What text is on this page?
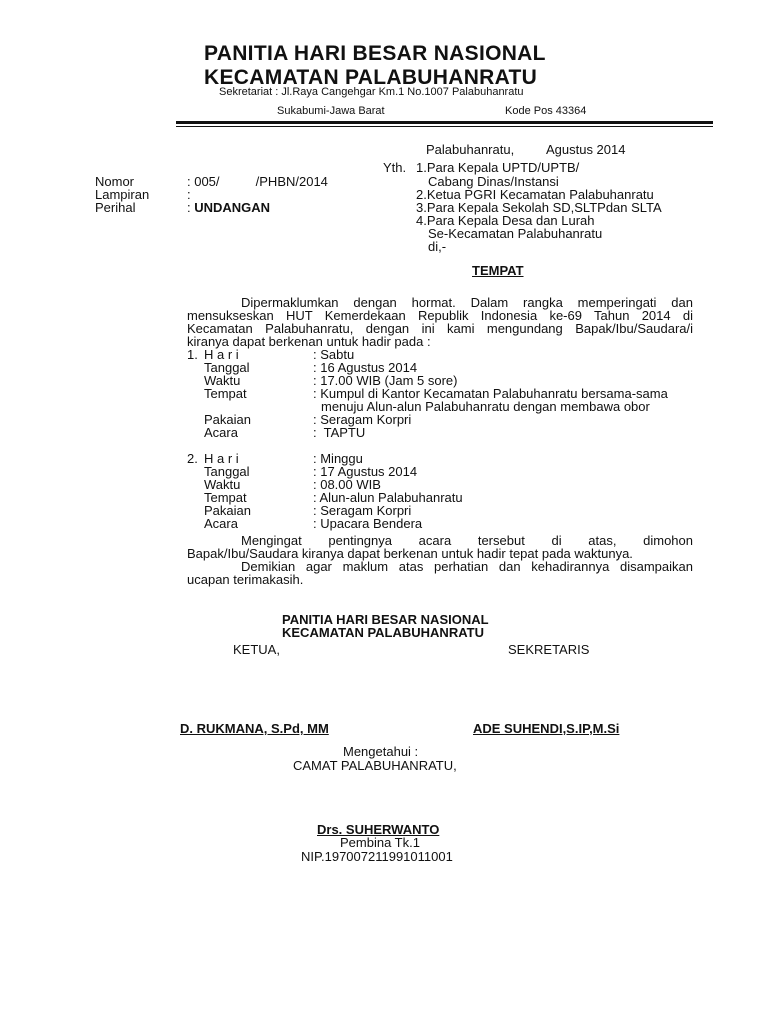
PANITIA HARI BESAR NASIONAL
KECAMATAN PALABUHANRATU
Sekretariat : Jl.Raya Cangehgar Km.1 No.1007 Palabuhanratu
Sukabumi-Jawa Barat	Kode Pos 43364
Palabuhanratu,         Agustus 2014
Nomor	: 005/          /PHBN/2014
Lampiran	:
Perihal	: UNDANGAN
Yth. 1.Para Kepala UPTD/UPTB/
Cabang Dinas/Instansi
2.Ketua PGRI Kecamatan Palabuhanratu
3.Para Kepala Sekolah SD,SLTPdan SLTA
4.Para Kepala Desa dan Lurah
Se-Kecamatan Palabuhanratu
di,-
TEMPAT
Dipermaklumkan dengan hormat. Dalam rangka memperingati dan
mensukseskan HUT Kemerdekaan Republik Indonesia ke-69 Tahun 2014 di
Kecamatan Palabuhanratu, dengan ini kami mengundang Bapak/Ibu/Saudara/i
kiranya dapat berkenan untuk hadir pada :
1. H a r i	: Sabtu
Tanggal	: 16 Agustus 2014
Waktu	: 17.00 WIB (Jam 5 sore)
Tempat	: Kumpul di Kantor Kecamatan Palabuhanratu bersama-sama
menuju Alun-alun Palabuhanratu dengan membawa obor
Pakaian	: Seragam Korpri
Acara	:  TAPTU
2. H a r i	: Minggu
Tanggal	: 17 Agustus 2014
Waktu	: 08.00 WIB
Tempat	: Alun-alun Palabuhanratu
Pakaian	: Seragam Korpri
Acara	: Upacara Bendera
Mengingat pentingnya acara tersebut di atas, dimohon
Bapak/Ibu/Saudara kiranya dapat berkenan untuk hadir tepat pada waktunya.
Demikian agar maklum atas perhatian dan kehadirannya disampaikan
ucapan terimakasih.
PANITIA HARI BESAR NASIONAL
KECAMATAN PALABUHANRATU
KETUA,	SEKRETARIS
D. RUKMANA, S.Pd, MM	ADE SUHENDI,S.IP,M.Si
Mengetahui :
CAMAT PALABUHANRATU,
Drs. SUHERWANTO
Pembina Tk.1
NIP.197007211991011001
